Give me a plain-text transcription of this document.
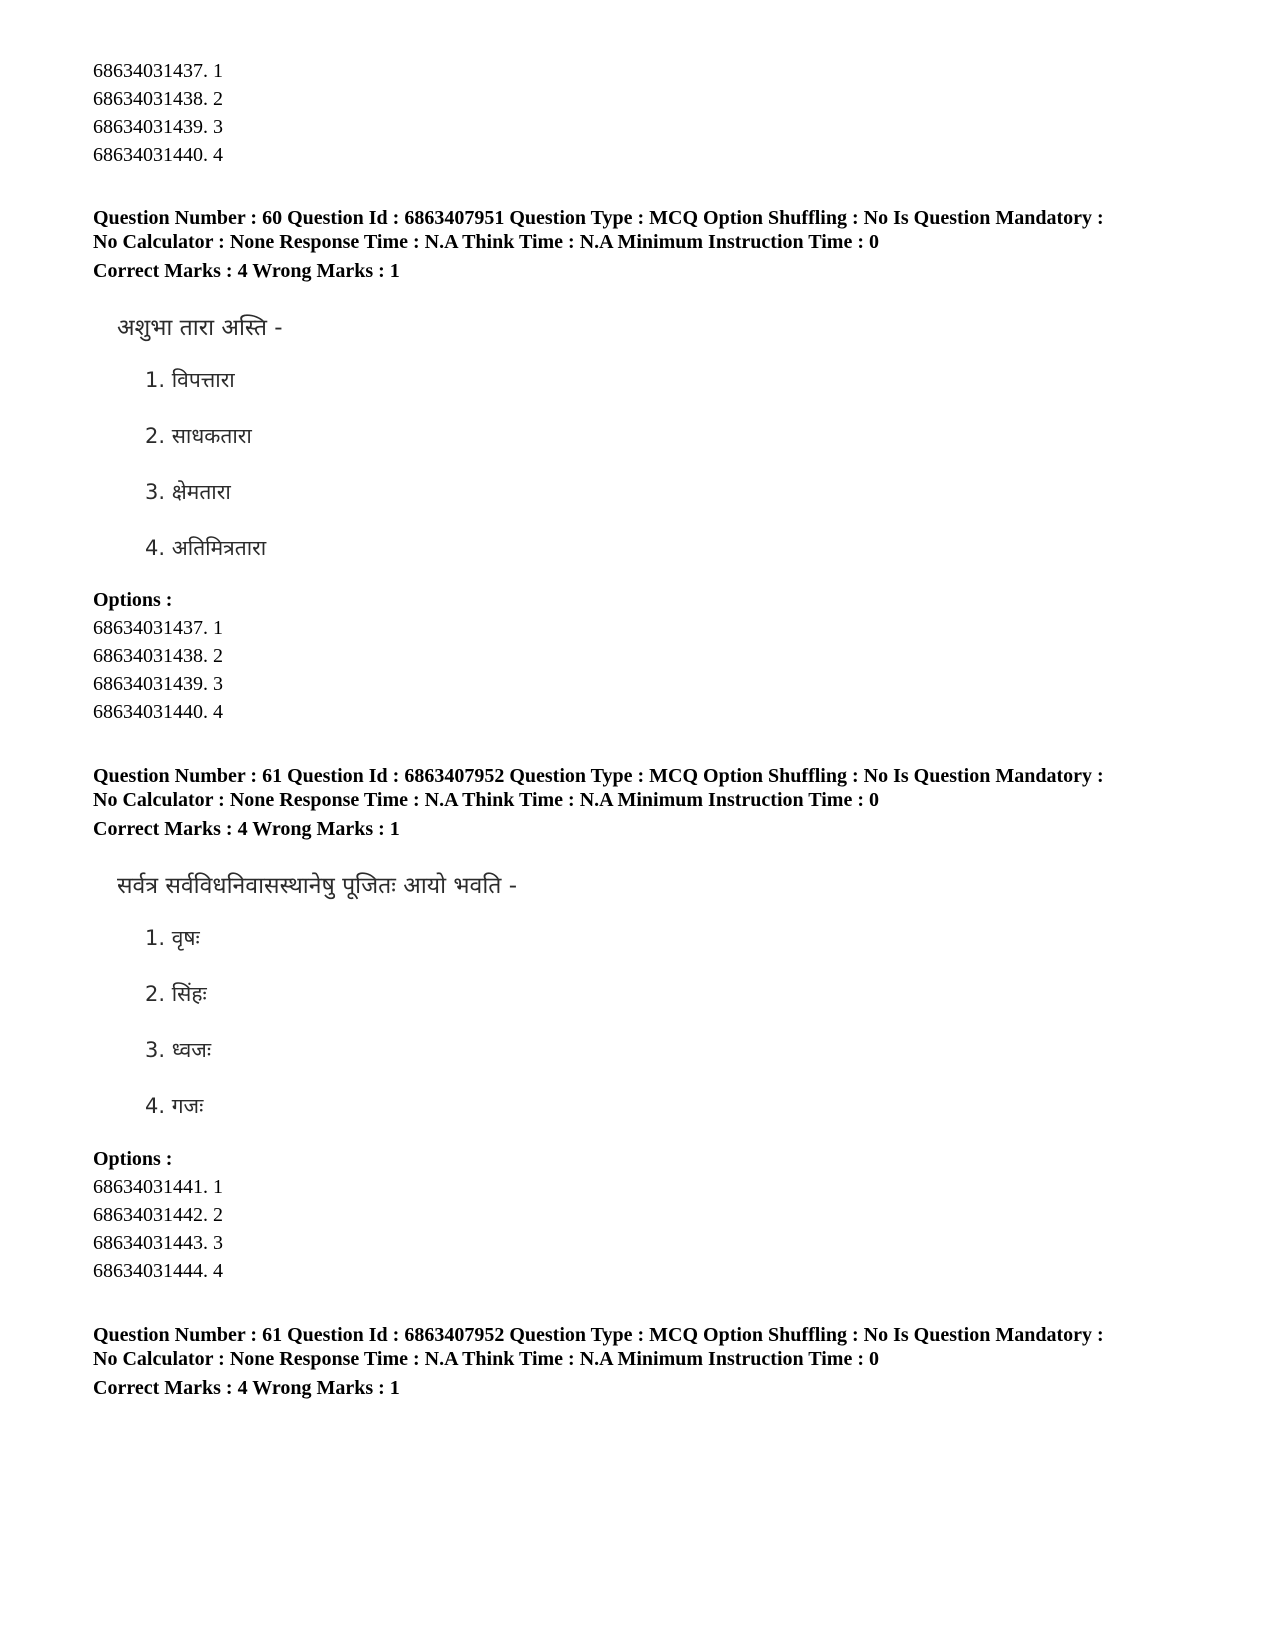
68634031437. 1

68634031438. 2

68634031439. 3

68634031440. 4

Question Number : 60 Question Id : 6863407951 Question Type : MCQ Option Shuffling : No Is Question Mandatory :
No Calculator : None Response Time : N.A Think Time : N.A Minimum Instruction Time : 0
Correct Marks : 4 Wrong Marks : 1
अशुभा तारा अस्ति -
1. विपत्तारा
2. साधकतारा
3. क्षेमतारा
4. अतिमित्रतारा

Options :

68634031437. 1

68634031438. 2

68634031439. 3

68634031440. 4

Question Number : 61 Question Id : 6863407952 Question Type : MCQ Option Shuffling : No Is Question Mandatory :
No Calculator : None Response Time : N.A Think Time : N.A Minimum Instruction Time : 0
Correct Marks : 4 Wrong Marks : 1
सर्वत्र सर्वविधनिवासस्थानेषु पूजितः आयो भवति -
1. वृषः
2. सिंहः
3. ध्वजः
4. गजः

Options :

68634031441. 1

68634031442. 2

68634031443. 3

68634031444. 4

Question Number : 61 Question Id : 6863407952 Question Type : MCQ Option Shuffling : No Is Question Mandatory :
No Calculator : None Response Time : N.A Think Time : N.A Minimum Instruction Time : 0
Correct Marks : 4 Wrong Marks : 1
